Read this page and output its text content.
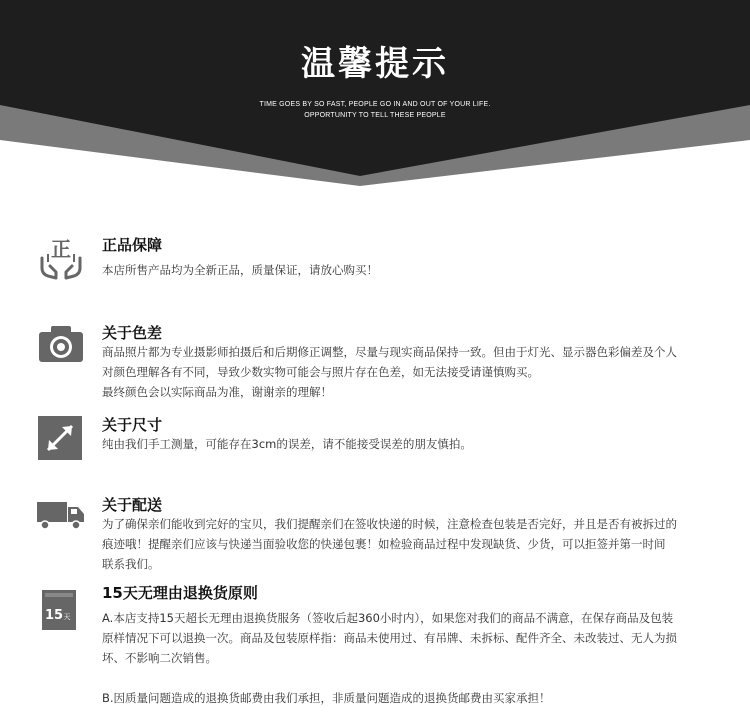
温馨提示
TIME GOES BY SO FAST, PEOPLE GO IN AND OUT OF YOUR LIFE.
OPPORTUNITY TO TELL THESE PEOPLE
正 正品保障

本店所售产品均为全新正品，质量保证，请放心购买！

关于色差

商品照片都为专业摄影师拍摄后和后期修正调整，尽量与现实商品保持一致。但由于灯光、显示器色彩偏差及个人

对颜色理解各有不同，导致少数实物可能会与照片存在色差，如无法接受请谨慎购买。

最终颜色会以实际商品为准，谢谢亲的理解！

关于尺寸

纯由我们手工测量，可能存在3cm的误差，请不能接受误差的朋友慎拍。

关于配送

为了确保亲们能收到完好的宝贝，我们提醒亲们在签收快递的时候，注意检查包装是否完好，并且是否有被拆过的

痕迹哦！提醒亲们应该与快递当面验收您的快递包裹！如检验商品过程中发现缺货、少货，可以拒签并第一时间

联系我们。

15 天
15天无理由退换货原则

A.本店支持15天超长无理由退换货服务（签收后起360小时内），如果您对我们的商品不满意，在保存商品及包装

原样情况下可以退换一次。商品及包装原样指：商品未使用过、有吊牌、未拆标、配件齐全、未改装过、无人为损

坏、不影响二次销售。

B.因质量问题造成的退换货邮费由我们承担，非质量问题造成的退换货邮费由买家承担！
